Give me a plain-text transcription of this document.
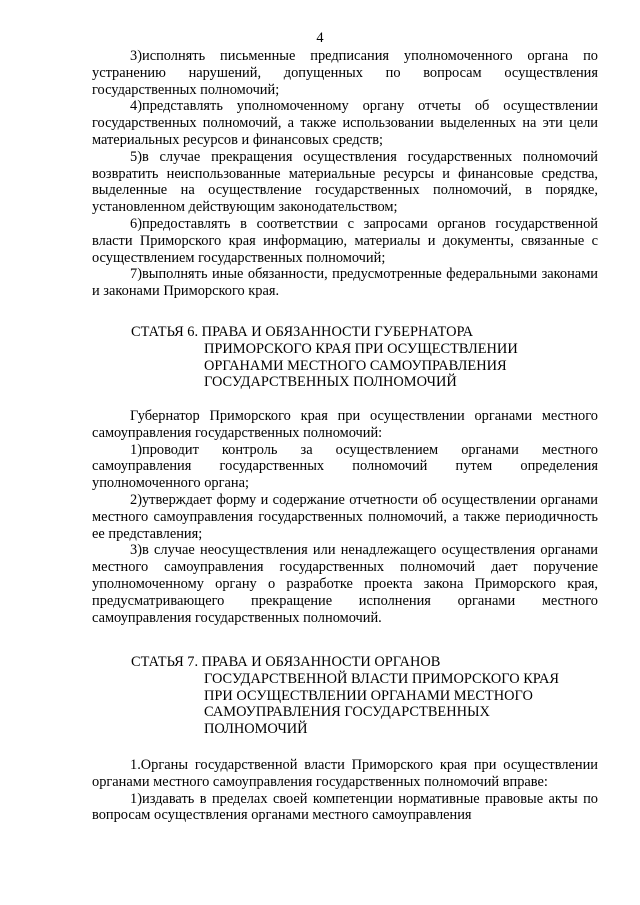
4

3)исполнять письменные предписания уполномоченного органа по устранению нарушений, допущенных по вопросам осуществления государственных полномочий;

4)представлять уполномоченному органу отчеты об осуществлении государственных полномочий, а также использовании выделенных на эти цели материальных ресурсов и финансовых средств;

5)в случае прекращения осуществления государственных полномочий возвратить неиспользованные материальные ресурсы и финансовые средства, выделенные на осуществление государственных полномочий, в порядке, установленном действующим законодательством;

6)предоставлять в соответствии с запросами органов государственной власти Приморского края информацию, материалы и документы, связанные с осуществлением государственных полномочий;

7)выполнять иные обязанности, предусмотренные федеральными законами и законами Приморского края.

СТАТЬЯ 6. ПРАВА И ОБЯЗАННОСТИ ГУБЕРНАТОРА
ПРИМОРСКОГО КРАЯ ПРИ ОСУЩЕСТВЛЕНИИ
ОРГАНАМИ МЕСТНОГО САМОУПРАВЛЕНИЯ
ГОСУДАРСТВЕННЫХ ПОЛНОМОЧИЙ

Губернатор Приморского края при осуществлении органами местного самоуправления государственных полномочий:

1)проводит контроль за осуществлением органами местного самоуправления государственных полномочий путем определения уполномоченного органа;

2)утверждает форму и содержание отчетности об осуществлении органами местного самоуправления государственных полномочий, а также периодичность ее представления;

3)в случае неосуществления или ненадлежащего осуществления органами местного самоуправления государственных полномочий дает поручение уполномоченному органу о разработке проекта закона Приморского края, предусматривающего прекращение исполнения органами местного самоуправления государственных полномочий.

СТАТЬЯ 7. ПРАВА И ОБЯЗАННОСТИ ОРГАНОВ
ГОСУДАРСТВЕННОЙ ВЛАСТИ ПРИМОРСКОГО КРАЯ
ПРИ ОСУЩЕСТВЛЕНИИ ОРГАНАМИ МЕСТНОГО
САМОУПРАВЛЕНИЯ ГОСУДАРСТВЕННЫХ
ПОЛНОМОЧИЙ

1.Органы государственной власти Приморского края при осуществлении органами местного самоуправления государственных полномочий вправе:

1)издавать в пределах своей компетенции нормативные правовые акты по вопросам осуществления органами местного самоуправления
